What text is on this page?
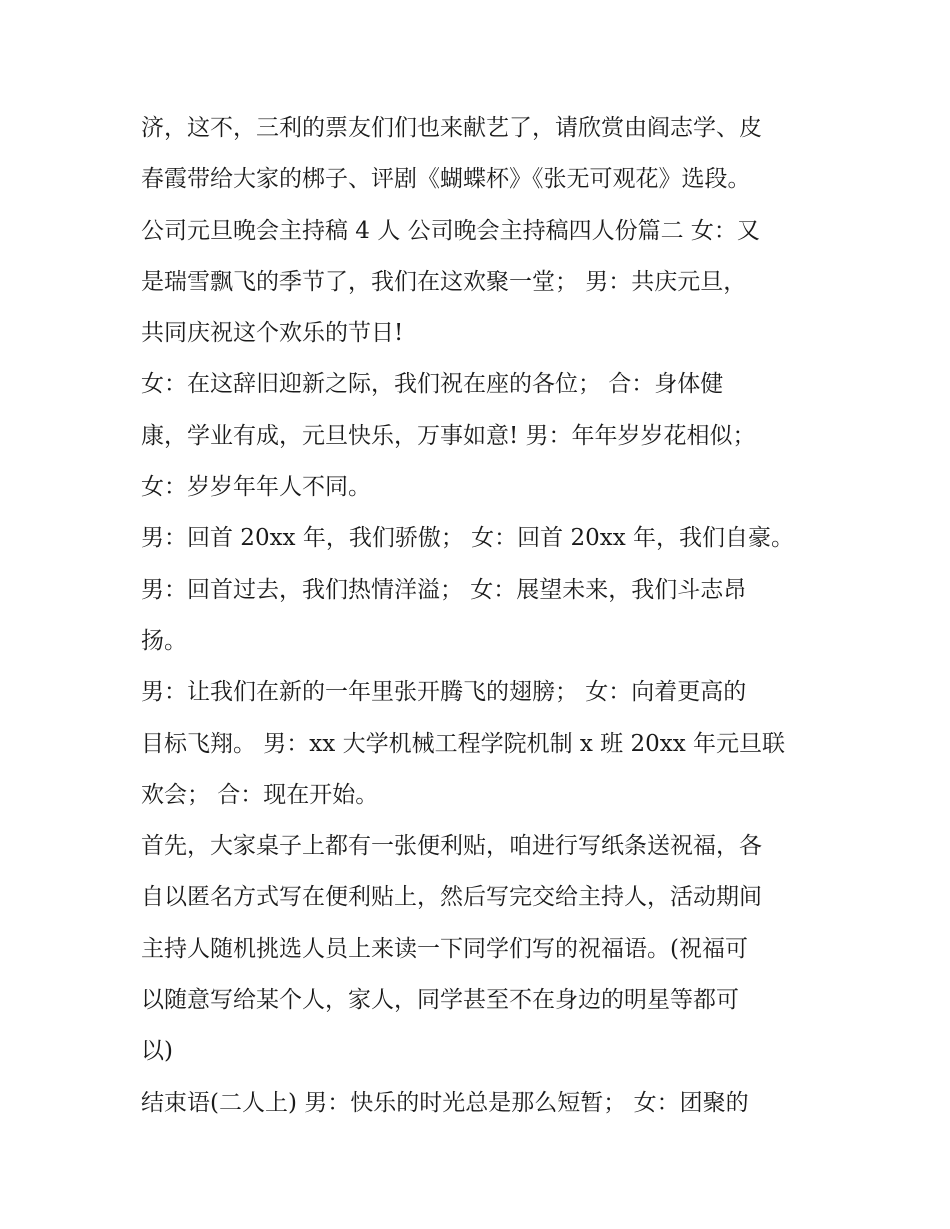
济，这不，三利的票友们们也来献艺了，请欣赏由阎志学、皮
春霞带给大家的梆子、评剧《蝴蝶杯》《张无可观花》选段。
公司元旦晚会主持稿 4 人 公司晚会主持稿四人份篇二 女：又
是瑞雪飘飞的季节了，我们在这欢聚一堂； 男：共庆元旦，
共同庆祝这个欢乐的节日!
女：在这辞旧迎新之际，我们祝在座的各位； 合：身体健
康，学业有成，元旦快乐，万事如意! 男：年年岁岁花相似；
女：岁岁年年人不同。
男：回首 20xx 年，我们骄傲； 女：回首 20xx 年，我们自豪。
男：回首过去，我们热情洋溢； 女：展望未来，我们斗志昂
扬。
男：让我们在新的一年里张开腾飞的翅膀； 女：向着更高的
目标飞翔。 男：xx 大学机械工程学院机制 x 班 20xx 年元旦联
欢会； 合：现在开始。
首先，大家桌子上都有一张便利贴，咱进行写纸条送祝福，各
自以匿名方式写在便利贴上，然后写完交给主持人，活动期间
主持人随机挑选人员上来读一下同学们写的祝福语。(祝福可
以随意写给某个人，家人，同学甚至不在身边的明星等都可
以)
结束语(二人上) 男：快乐的时光总是那么短暂； 女：团聚的
